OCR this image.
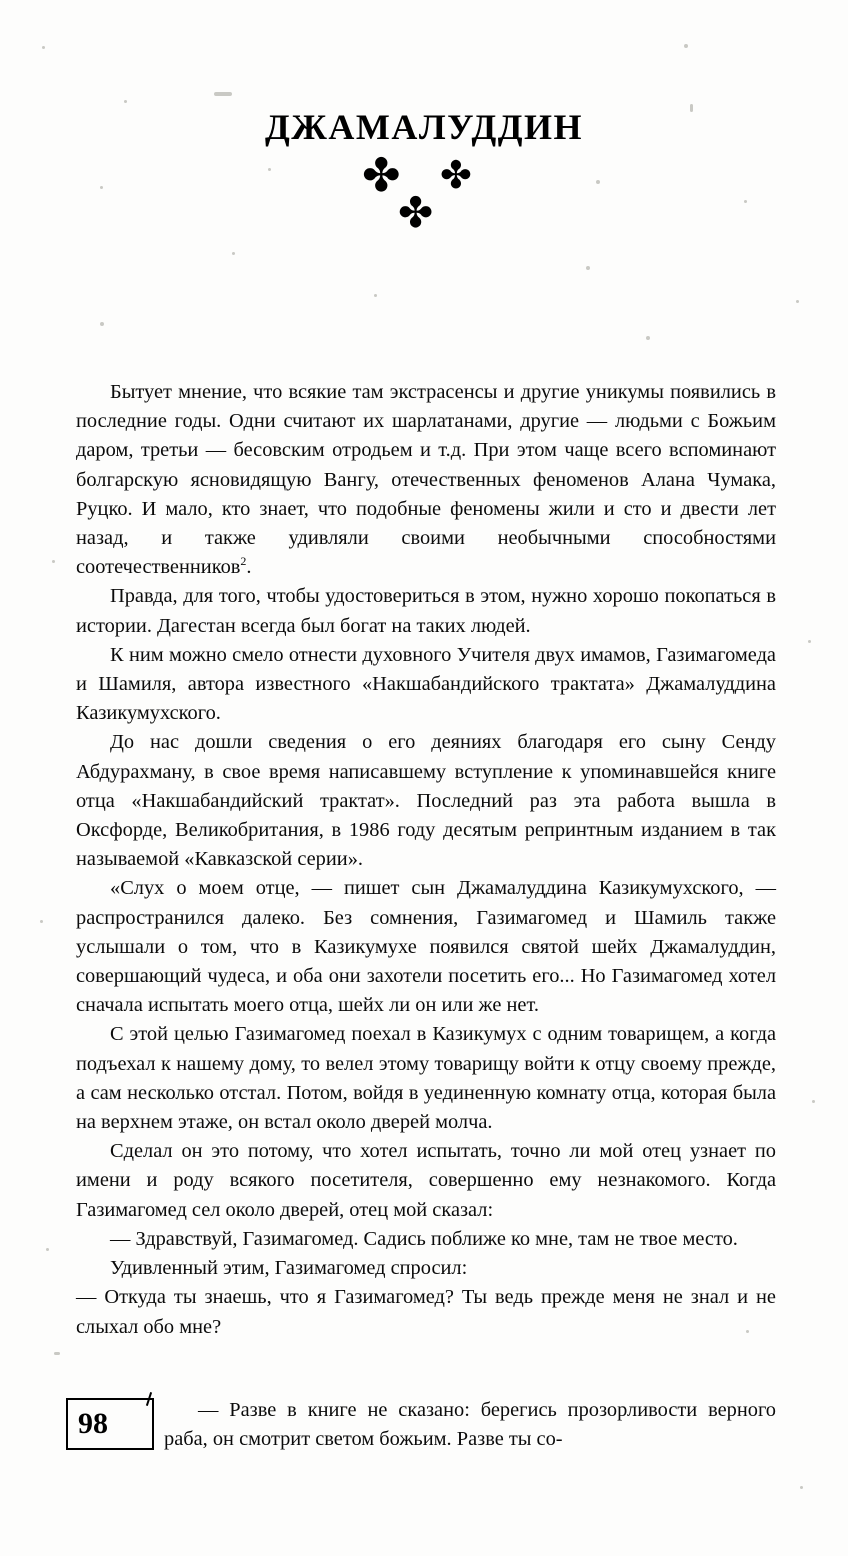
ДЖАМАЛУДДИН
✤ ✤
✤

Бытует мнение, что всякие там экстрасенсы и другие уникумы появились в последние годы. Одни считают их шарлатанами, другие — людьми с Божьим даром, третьи — бесовским отродьем и т.д. При этом чаще всего вспоминают болгарскую ясновидящую Вангу, отечественных феноменов Алана Чумака, Руцко. И мало, кто знает, что подобные феномены жили и сто и двести лет назад, и также удивляли своими необычными способностями соотечественников$^2$.

Правда, для того, чтобы удостовериться в этом, нужно хорошо покопаться в истории. Дагестан всегда был богат на таких людей.

К ним можно смело отнести духовного Учителя двух имамов, Газимагомеда и Шамиля, автора известного «Накшабандийского трактата» Джамалуддина Казикумухского.

До нас дошли сведения о его деяниях благодаря его сыну Сенду Абдурахману, в свое время написавшему вступление к упоминавшейся книге отца «Накшабандийский трактат». Последний раз эта работа вышла в Оксфорде, Великобритания, в 1986 году десятым репринтным изданием в так называемой «Кавказской серии».

«Слух о моем отце, — пишет сын Джамалуддина Казикумухского, — распространился далеко. Без сомнения, Газимагомед и Шамиль также услышали о том, что в Казикумухе появился святой шейх Джамалуддин, совершающий чудеса, и оба они захотели посетить его... Но Газимагомед хотел сначала испытать моего отца, шейх ли он или же нет.

С этой целью Газимагомед поехал в Казикумух с одним товарищем, а когда подъехал к нашему дому, то велел этому товарищу войти к отцу своему прежде, а сам несколько отстал. Потом, войдя в уединенную комнату отца, которая была на верхнем этаже, он встал около дверей молча.

Сделал он это потому, что хотел испытать, точно ли мой отец узнает по имени и роду всякого посетителя, совершенно ему незнакомого. Когда Газимагомед сел около дверей, отец мой сказал:

— Здравствуй, Газимагомед. Садись поближе ко мне, там не твое место.

Удивленный этим, Газимагомед спросил:

— Откуда ты знаешь, что я Газимагомед? Ты ведь прежде меня не знал и не слыхал обо мне?

98	— Разве в книге не сказано: берегись прозорливости верного раба, он смотрит светом божьим. Разве ты со-
